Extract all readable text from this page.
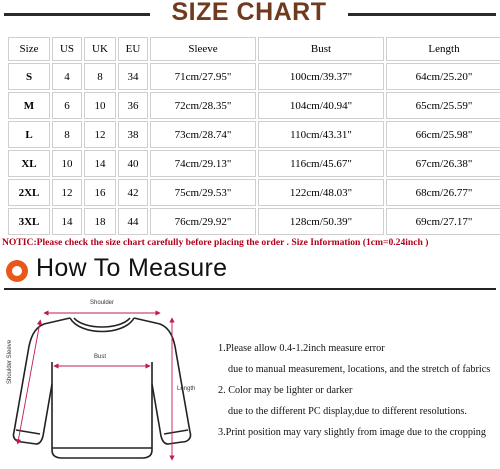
SIZE CHART
Size	US	UK	EU	Sleeve	Bust	Length
S	4	8	34	71cm/27.95"	100cm/39.37"	64cm/25.20"
M	6	10	36	72cm/28.35"	104cm/40.94"	65cm/25.59"
L	8	12	38	73cm/28.74"	110cm/43.31"	66cm/25.98"
XL	10	14	40	74cm/29.13"	116cm/45.67"	67cm/26.38"
2XL	12	16	42	75cm/29.53"	122cm/48.03"	68cm/26.77"
3XL	14	18	44	76cm/29.92"	128cm/50.39"	69cm/27.17"
NOTIC:Please check the size chart carefully before placing the order . Size Information (1cm=0.24inch )
How To Measure
Shoulder
Bust
Length
Shoulder Sleeve	1.Please allow 0.4-1.2inch measure error
due to manual measurement, locations, and the stretch of fabrics
2. Color may be lighter or darker
due to the different PC display,due to different resolutions.
3.Print position may vary slightly from image due to the cropping
